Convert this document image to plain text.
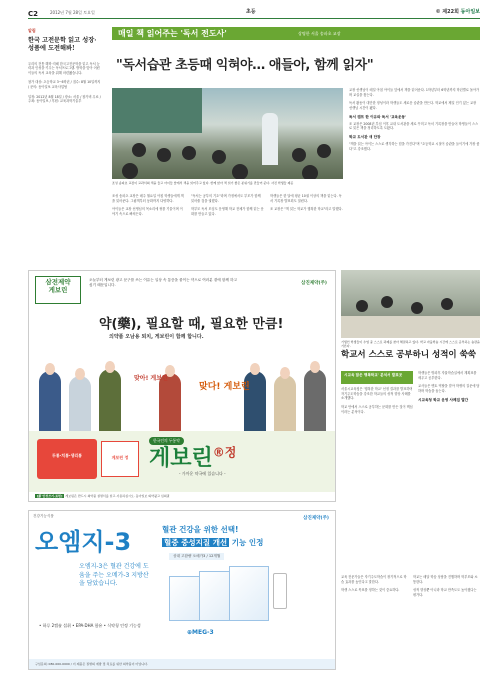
C2	2012년 7월 28일 토요일	초등	© 제22회 동아일보
알림
한국 고전문학 읽고 성장·성품에 도전해봐!

우리의 전통 해학·지혜 한국고전문학을 읽고 독서 능력과 인성을 키우는 독서프로그램. 방학을 맞아 어린이들의 독서 교육을 위해 마련됐습니다.

참가 대상: 초등학교 3~6학년 / 접수: 8월 10일까지 / 문의: 동아일보 교육사업팀

일정: 2012년 8월 18일 / 장소: 서울 / 참가비 무료 / 주최: 동아일보 / 후원: 교육과학기술부

매일 책 읽어주는 '독서 전도사'	상명한 서울 송파초 교장
"독서습관 초등때 익혀야… 애들아, 함께 읽자"
조성 송파초 교장이 교과서의 책을 들고 아이들 앞에서 책을 읽어주고 있다. 함께 앉아 책 읽기 좋은 분위기를 만들어 준다. 사진 학생들 제공

교장 선생님이 매일 아침 아이들 앞에서 책을 읽어준다. 1학년부터 6학년까지 학년별로 돌아가며 교실을 찾는다.

독서 활동이 대단한 정성이라 학생들도 새로운 습관을 만든다. 학교에서 제일 인기 있는 교장 선생님 시간이 됐다.

독서 캠프 한 이유와 독서 '교육운동'

조 교장은 2008년 부임 이후 교내 도서관을 새로 꾸미고 독서 기록장을 만들어 학생들이 스스로 읽은 책을 정리하도록 도왔다.

학교 도서관 새 단장

"책을 읽는 아이는 스스로 생각하는 힘을 가진다"며 "초등학교 시절이 습관을 들이기에 가장 좋다"고 강조했다.

조성 송파초 교장은 매주 월요일 아침 학생들에게 책을 읽어준다. 그림책부터 동화까지 다양하다.

아이들은 교장 선생님의 목소리에 귀를 기울이며 이야기 속으로 빠져든다.

"독서는 공부의 기초"라며 가정에서도 부모가 함께 읽어줄 것을 권했다.

학부모 독서 모임도 운영해 학교 전체가 함께 읽는 문화를 만들고 있다.

학생들은 한 달에 평균 10권 이상의 책을 읽는다. 독서 기록장 발표회도 열린다.

조 교장은 "책 읽는 학교가 행복한 학교"라고 말했다.

삼전제약
게보린
오늘부터 게보린 광고 문구를 쓰는 이유는 일상 속 통증을 줄이는 약으로 여러분 곁에 함께 하고 싶기 때문입니다.	삼진제약(주)
약(藥), 필요할 때, 필요한 만큼!
의약품 오남용 퇴치, 게보린이 함께 합니다.
맞아! 게보린
맞다! 게보린
두통·치통·생리통	게보린 정
한국인의 두통약
게보린$^{®정}$
- 가까운 약국에 있습니다 -
[新 안전쓰기·표현] 게보린은 반드시 의약품 설명서를 읽고 사용하십시오. 동아일보 의약광고 심의필
기생인 학생들이 수업 중 스스로 과제를 찾아 해결하고 있다. 학교 자율학습 시간에 스스로 공부하는 습관을 기른다.
학교서 스스로 공부하니 성적이 쑥쑥
시교육 많은 행복학교' 분석서 발표곳

서울시교육청은 '행복한 학교' 선정 결과를 발표하며 자기주도학습을 강조한 학교들의 성적 향상 사례를 소개했다.

학교 안에서 스스로 공부하는 문화를 만든 것이 핵심이라는 분석이다.

학생들은 방과후 자율학습실에서 계획표를 세우고 공부한다.

교사들은 멘토 역할을 맡아 학생의 질문에 답하며 학습을 돕는다.

시교육청 학교 운영 사례집 발간
건강기능식품
오엠지-3
삼진제약(주)
혈관 건강을 위한 선택!
혈중 중성지질 개선 기능 인정
상대 고함량 오메가3 / 12개월
오엠지-3은 혈관 건강에 도움을 주는 오메가-3 지방산을 담았습니다.
• 하루 2캡슐 섭취 • EPA·DHA 함유 • 식약청 인정 기능성
⊕MEG-3
구입문의: 080-000-0000 / 이 제품은 질병의 예방 및 치료를 위한 의약품이 아닙니다.

교육 전문가들은 자기주도학습이 장기적으로 학습 효과를 높인다고 말한다.

학생 스스로 목표를 정하는 것이 중요하다.

학교는 매달 학습 상담을 진행하며 학부모와 소통한다.

성적 향상뿐 아니라 학교 만족도도 높아졌다는 평가다.
